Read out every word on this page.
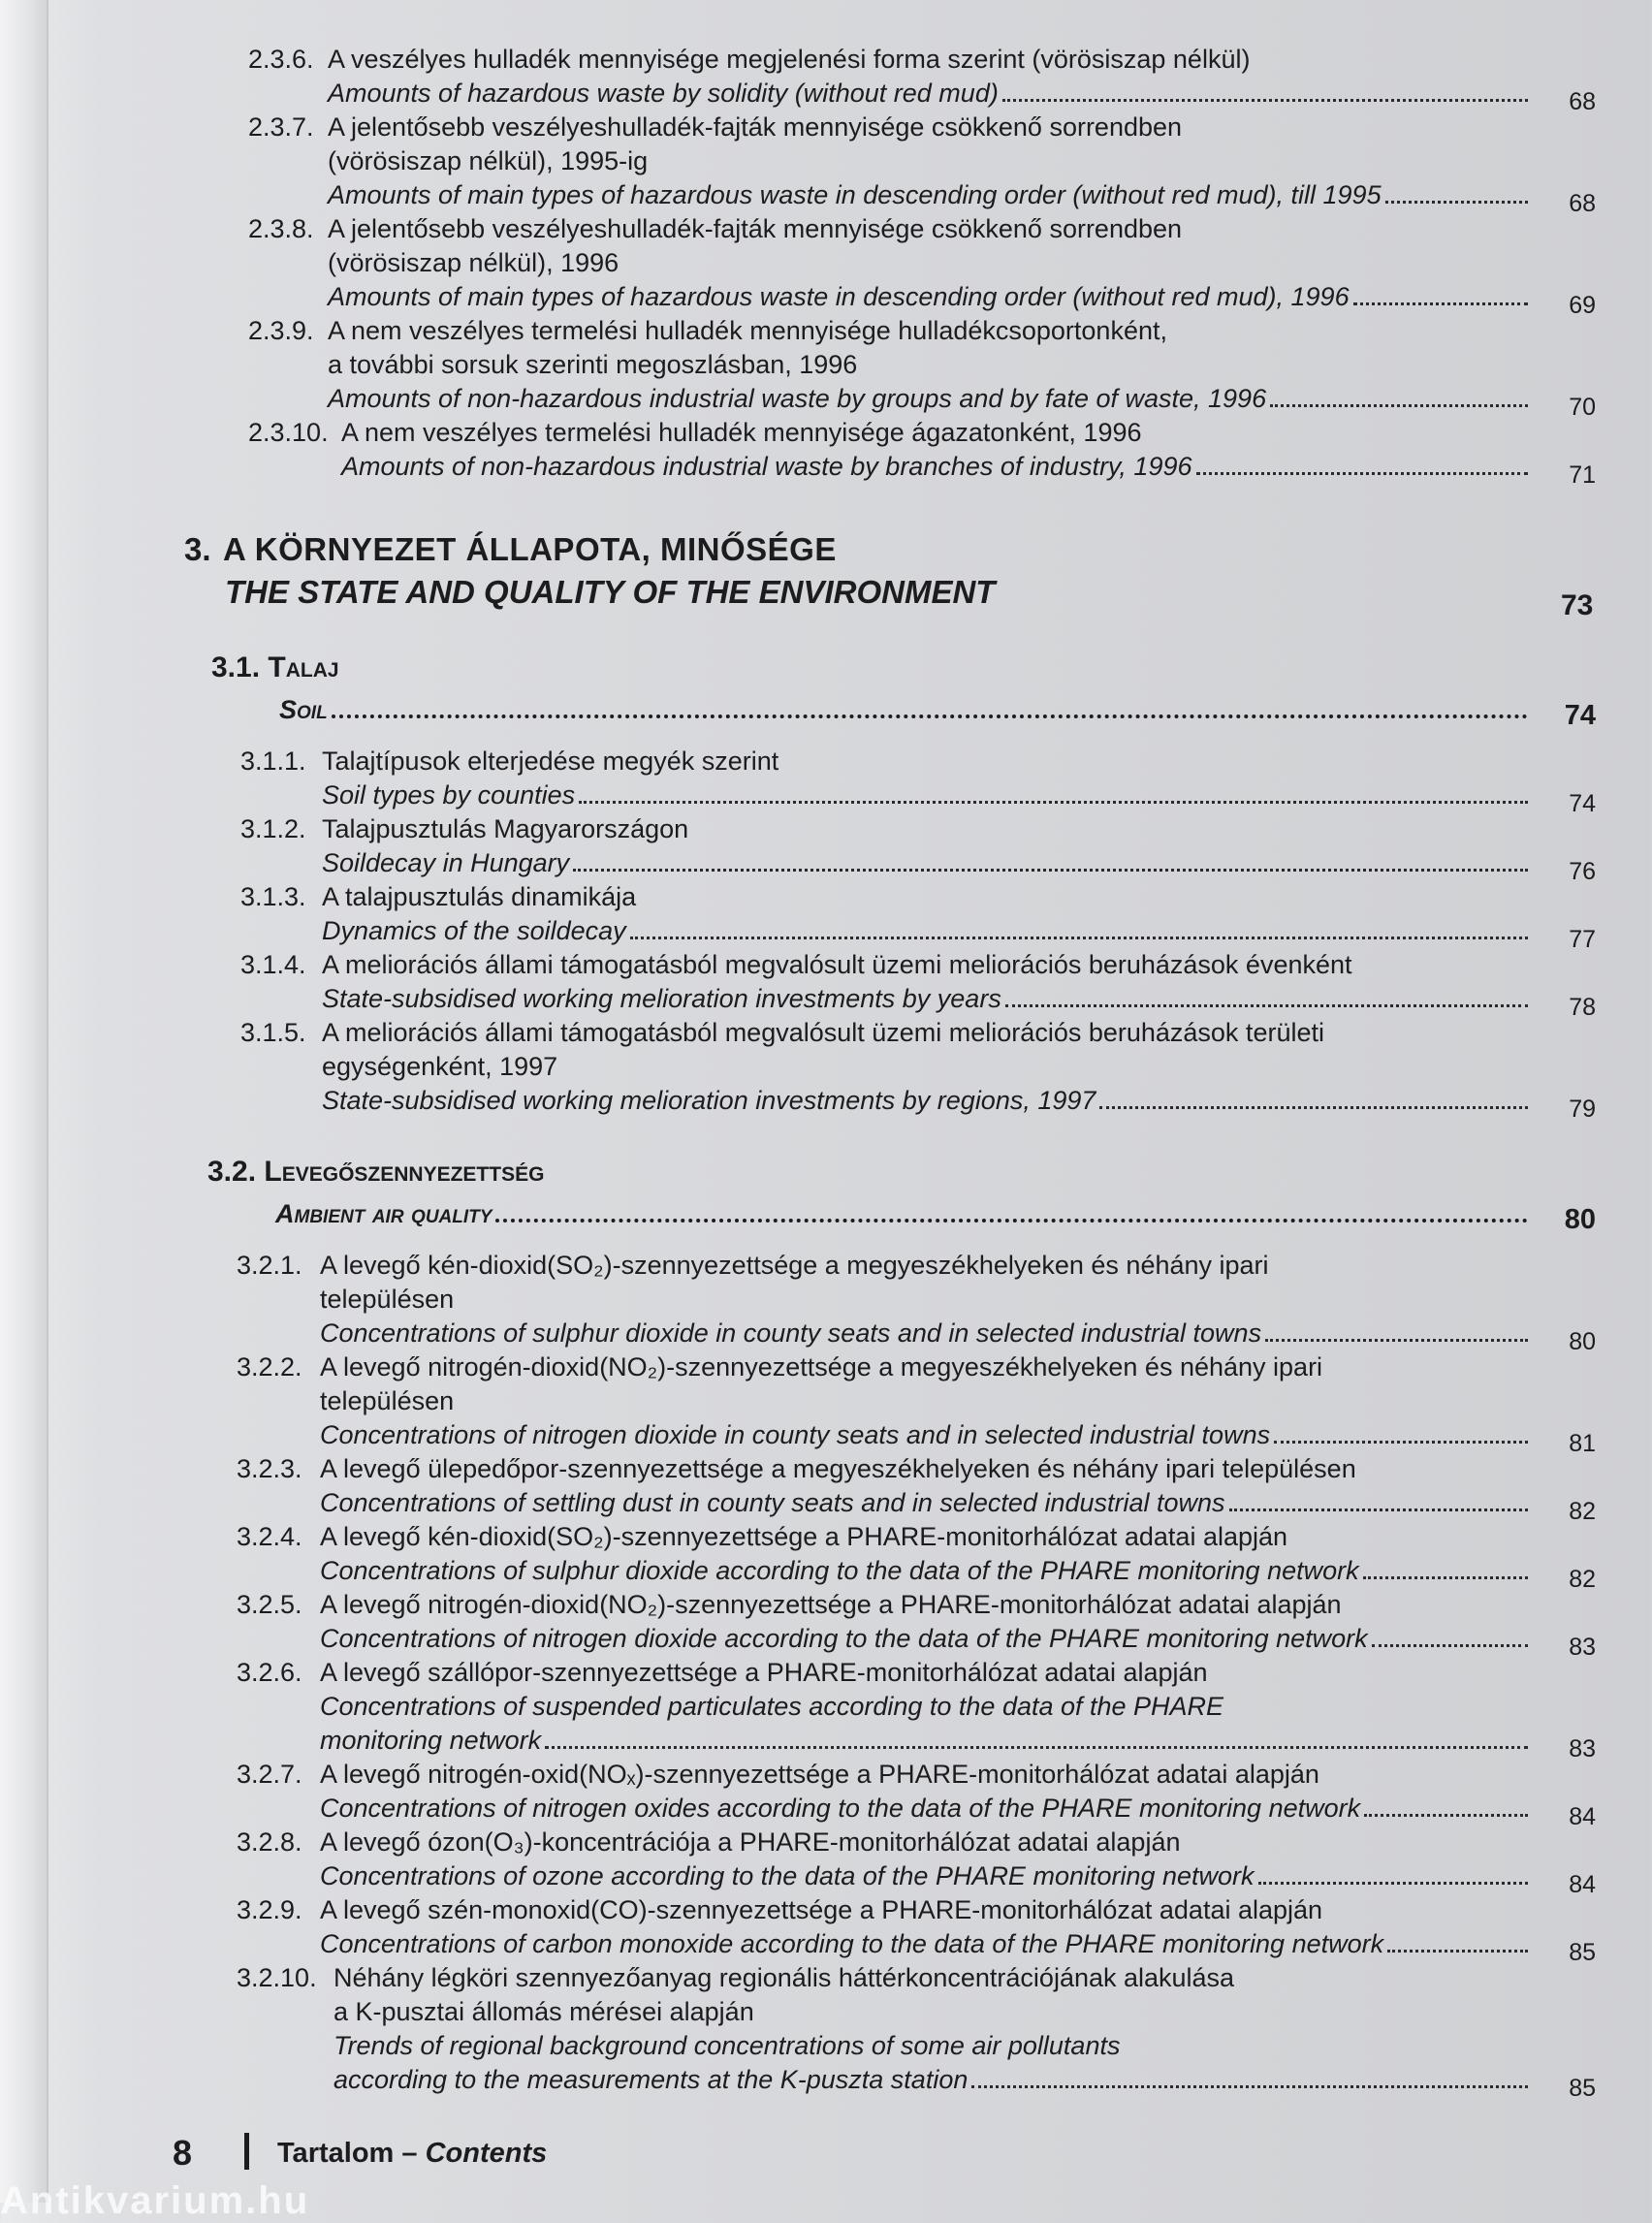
3. A KÖRNYEZET ÁLLAPOTA, MINŐSÉGE
THE STATE AND QUALITY OF THE ENVIRONMENT	73
3.1. Talaj
Soil	74
3.2. Levegőszennyezettség
Ambient air quality	80
8	Tartalom – Contents
Antikvarium.hu
2.3.6. A veszélyes hulladék mennyisége megjelenési forma szerint (vörösiszap nélkül)
Amounts of hazardous waste by solidity (without red mud)	68
2.3.7. A jelentősebb veszélyeshulladék-fajták mennyisége csökkenő sorrendben
(vörösiszap nélkül), 1995-ig
Amounts of main types of hazardous waste in descending order (without red mud), till 1995	68
2.3.8. A jelentősebb veszélyeshulladék-fajták mennyisége csökkenő sorrendben
(vörösiszap nélkül), 1996
Amounts of main types of hazardous waste in descending order (without red mud), 1996	69
2.3.9. A nem veszélyes termelési hulladék mennyisége hulladékcsoportonként,
a további sorsuk szerinti megoszlásban, 1996
Amounts of non-hazardous industrial waste by groups and by fate of waste, 1996	70
2.3.10. A nem veszélyes termelési hulladék mennyisége ágazatonként, 1996
Amounts of non-hazardous industrial waste by branches of industry, 1996	71
3.1.1. Talajtípusok elterjedése megyék szerint
Soil types by counties	74
3.1.2. Talajpusztulás Magyarországon
Soildecay in Hungary	76
3.1.3. A talajpusztulás dinamikája
Dynamics of the soildecay	77
3.1.4. A meliorációs állami támogatásból megvalósult üzemi meliorációs beruházások évenként
State-subsidised working melioration investments by years	78
3.1.5. A meliorációs állami támogatásból megvalósult üzemi meliorációs beruházások területi
egységenként, 1997
State-subsidised working melioration investments by regions, 1997	79
3.2.1. A levegő kén-dioxid(SO₂)-szennyezettsége a megyeszékhelyeken és néhány ipari
településen
Concentrations of sulphur dioxide in county seats and in selected industrial towns	80
3.2.2. A levegő nitrogén-dioxid(NO₂)-szennyezettsége a megyeszékhelyeken és néhány ipari
településen
Concentrations of nitrogen dioxide in county seats and in selected industrial towns	81
3.2.3. A levegő ülepedőpor-szennyezettsége a megyeszékhelyeken és néhány ipari településen
Concentrations of settling dust in county seats and in selected industrial towns	82
3.2.4. A levegő kén-dioxid(SO₂)-szennyezettsége a PHARE-monitorhálózat adatai alapján
Concentrations of sulphur dioxide according to the data of the PHARE monitoring network	82
3.2.5. A levegő nitrogén-dioxid(NO₂)-szennyezettsége a PHARE-monitorhálózat adatai alapján
Concentrations of nitrogen dioxide according to the data of the PHARE monitoring network	83
3.2.6. A levegő szállópor-szennyezettsége a PHARE-monitorhálózat adatai alapján
Concentrations of suspended particulates according to the data of the PHARE
monitoring network	83
3.2.7. A levegő nitrogén-oxid(NOₓ)-szennyezettsége a PHARE-monitorhálózat adatai alapján
Concentrations of nitrogen oxides according to the data of the PHARE monitoring network	84
3.2.8. A levegő ózon(O₃)-koncentrációja a PHARE-monitorhálózat adatai alapján
Concentrations of ozone according to the data of the PHARE monitoring network	84
3.2.9. A levegő szén-monoxid(CO)-szennyezettsége a PHARE-monitorhálózat adatai alapján
Concentrations of carbon monoxide according to the data of the PHARE monitoring network	85
3.2.10. Néhány légköri szennyezőanyag regionális háttérkoncentrációjának alakulása
a K-pusztai állomás mérései alapján
Trends of regional background concentrations of some air pollutants
according to the measurements at the K-puszta station	85
